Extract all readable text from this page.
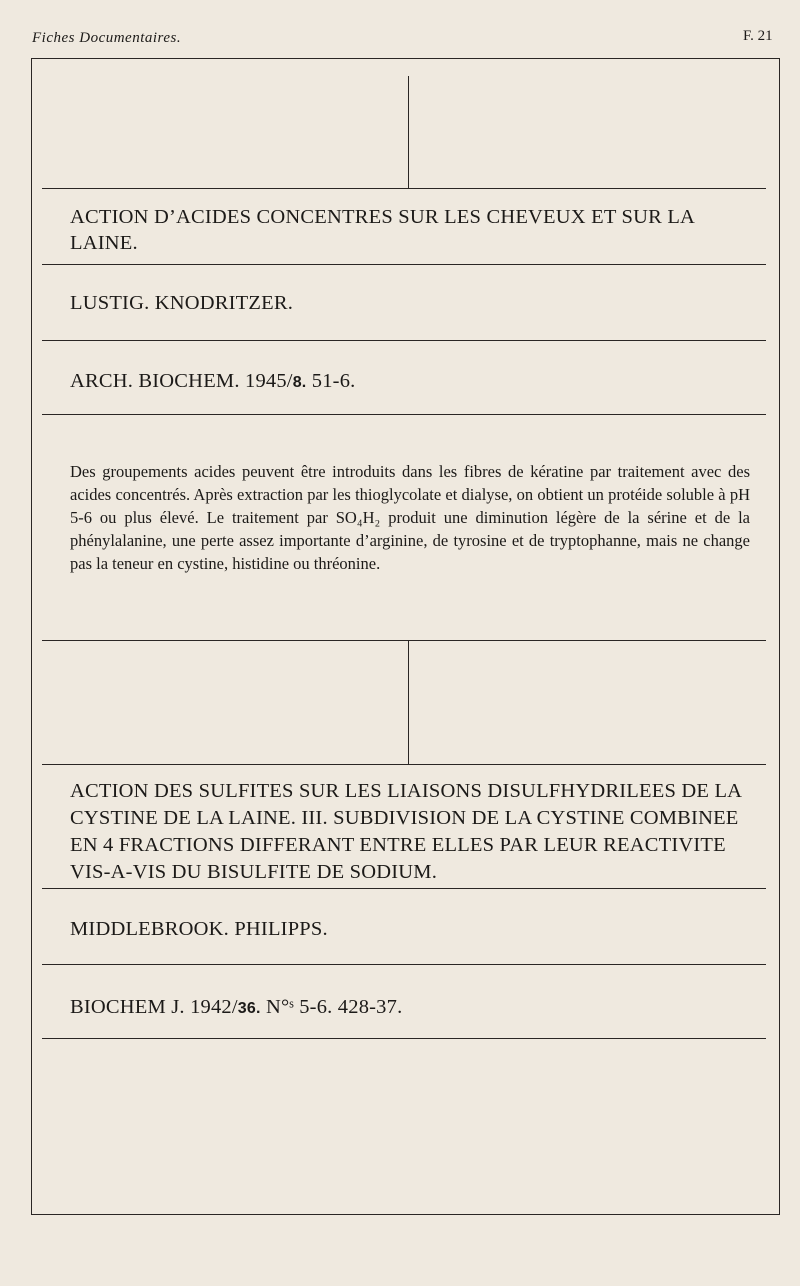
Fiches Documentaires.	F. 21
ACTION D’ACIDES CONCENTRES SUR LES CHEVEUX ET SUR LA LAINE.
LUSTIG. KNODRITZER.
ARCH. BIOCHEM. 1945/8. 51-6.
Des groupements acides peuvent être introduits dans les fibres de kératine par traitement avec des acides concentrés. Après extraction par les thioglycolate et dialyse, on obtient un protéide soluble à pH 5-6 ou plus élevé. Le traitement par SO₄H₂ produit une diminution légère de la sérine et de la phénylalanine, une perte assez importante d’arginine, de tyrosine et de tryptophanne, mais ne change pas la teneur en cystine, histidine ou thréonine.
ACTION DES SULFITES SUR LES LIAISONS DISULFHYDRILEES DE LA CYSTINE DE LA LAINE. III. SUBDIVISION DE LA CYSTINE COMBINEE EN 4 FRACTIONS DIFFERANT ENTRE ELLES PAR LEUR REACTIVITE VIS-A-VIS DU BISULFITE DE SODIUM.
MIDDLEBROOK. PHILIPPS.
BIOCHEM J. 1942/36. N°ˢ 5-6. 428-37.
